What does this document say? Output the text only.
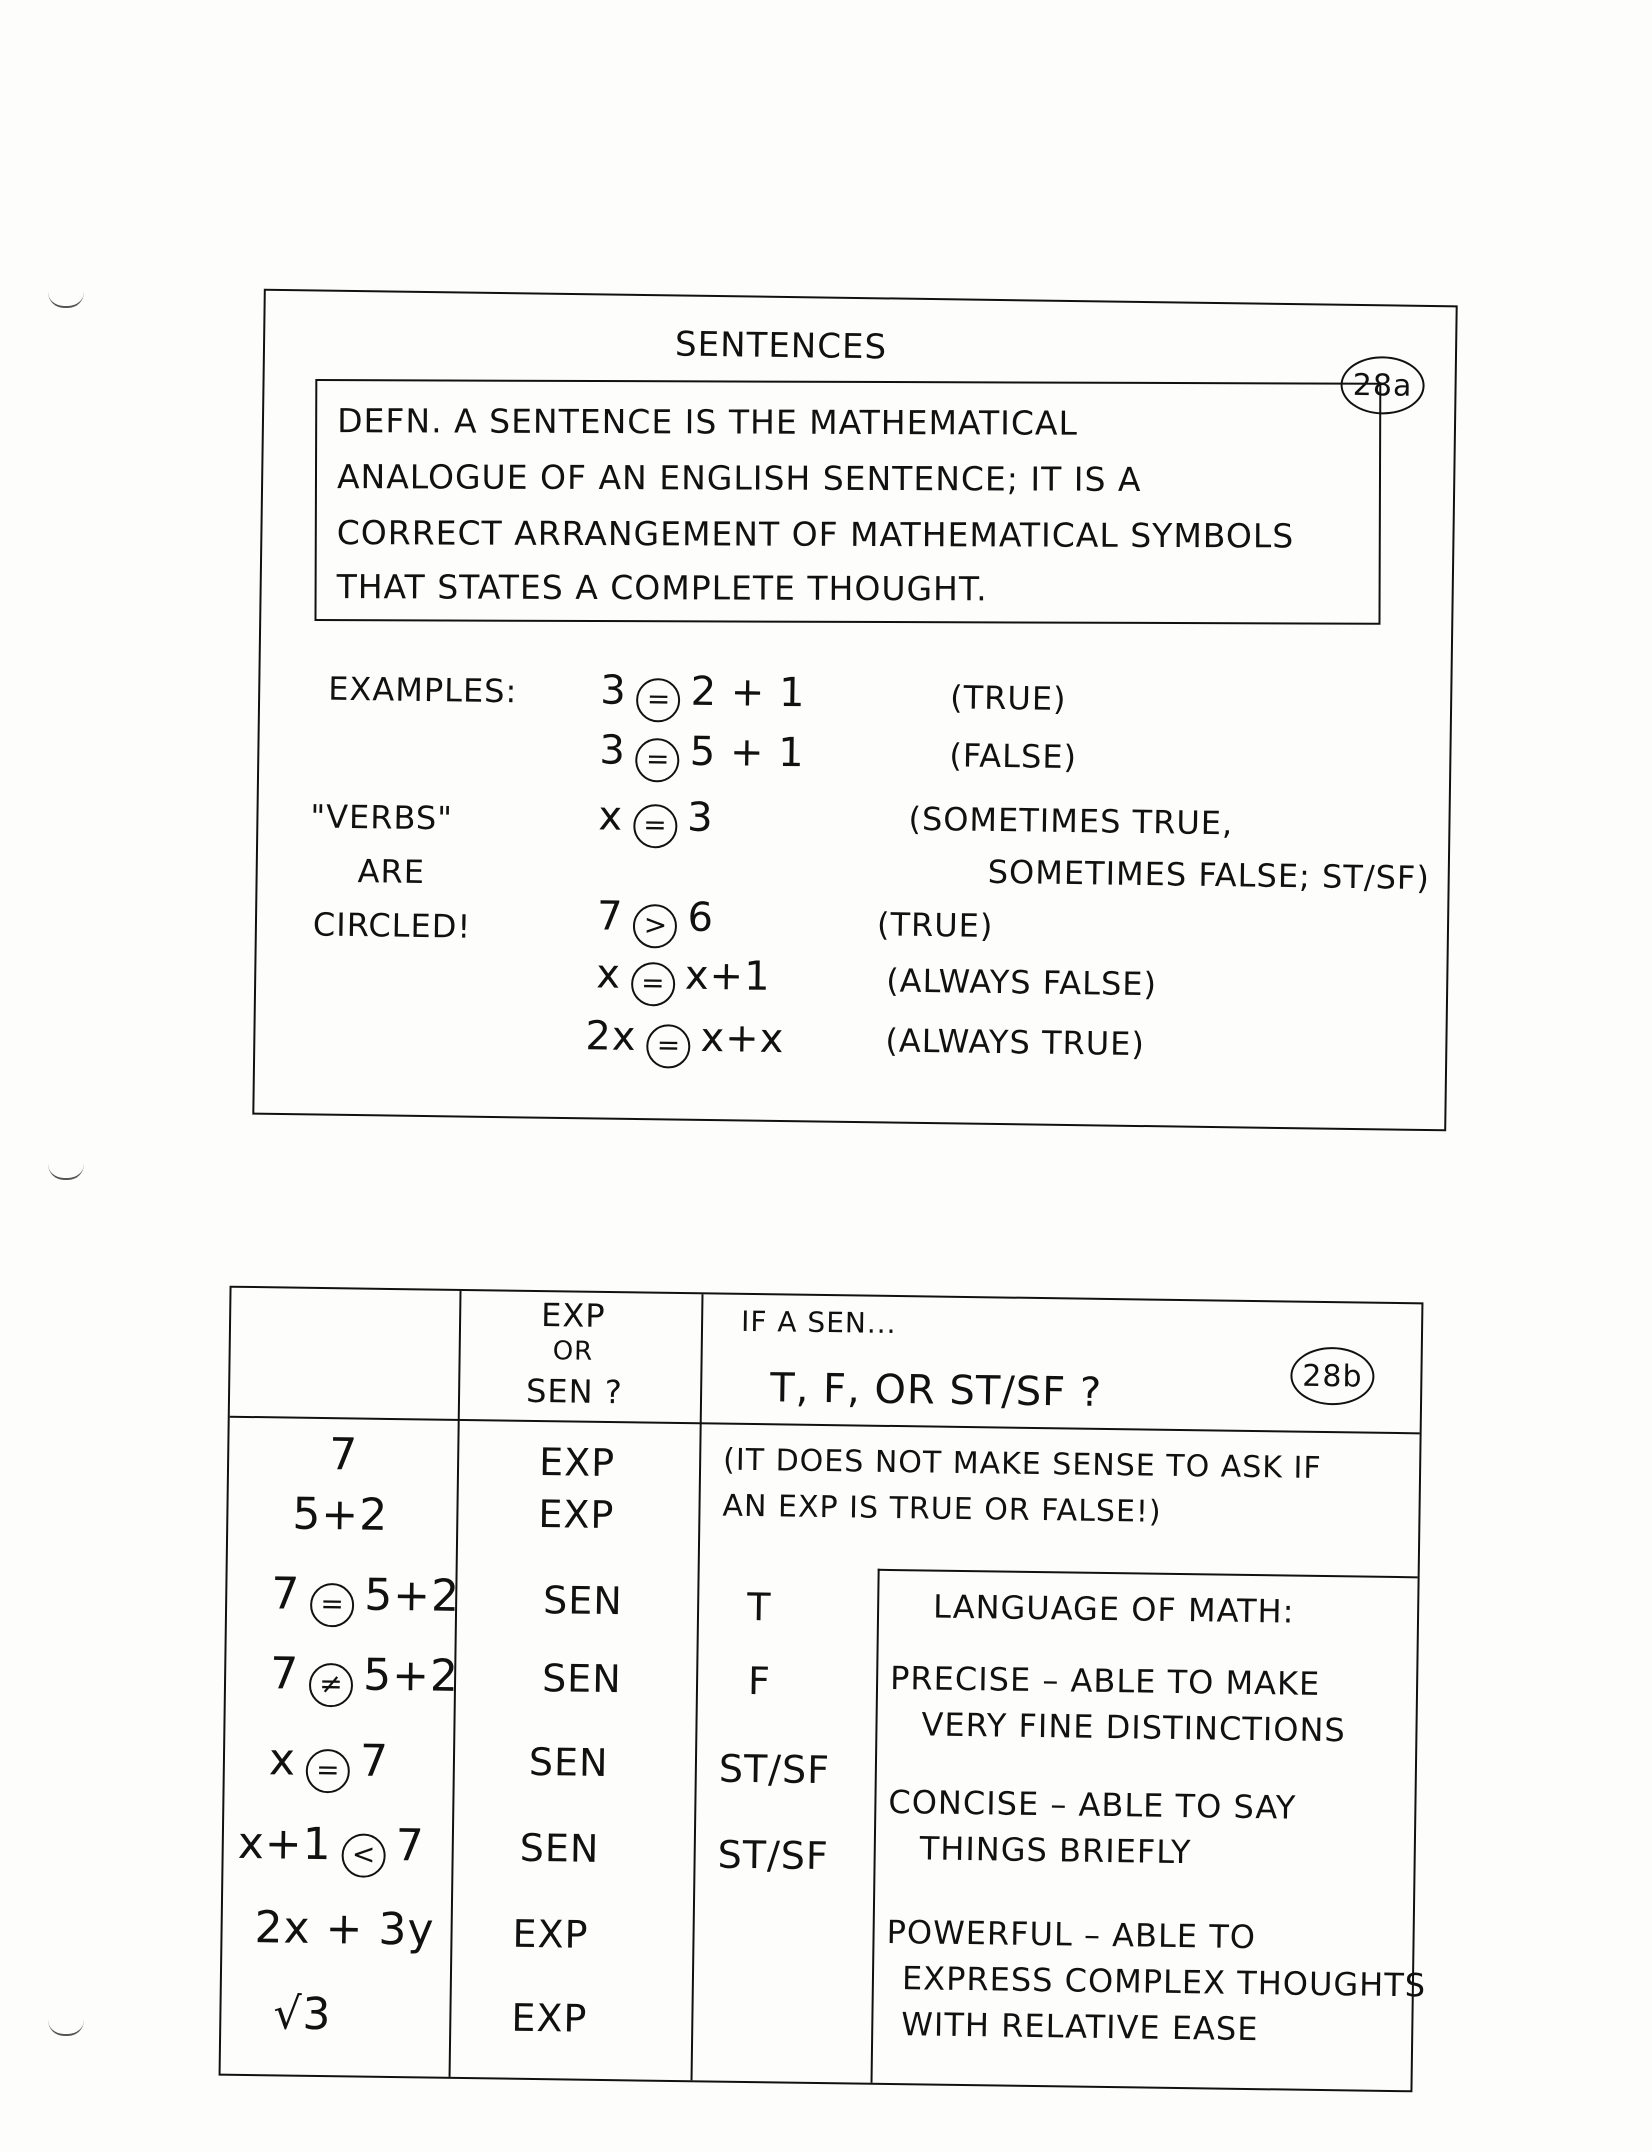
SENTENCES
28a
DEFN. A SENTENCE IS THE MATHEMATICAL
ANALOGUE OF AN ENGLISH SENTENCE; IT IS A
CORRECT ARRANGEMENT OF MATHEMATICAL SYMBOLS
THAT STATES A COMPLETE THOUGHT.
EXAMPLES:
"VERBS"
ARE
CIRCLED!
3 = 2 + 1	(TRUE)
3 = 5 + 1	(FALSE)
x = 3	(SOMETIMES TRUE,
SOMETIMES FALSE; ST/SF)
7 > 6	(TRUE)
x = x+1	(ALWAYS FALSE)
2x = x+x	(ALWAYS TRUE)
28b
EXP
OR
SEN ?
IF A SEN...
T, F, OR ST/SF ?
(IT DOES NOT MAKE SENSE TO ASK IF
AN EXP IS TRUE OR FALSE!)
7	EXP
5+2	EXP
7 = 5+2 SEN	T
7 ≠ 5+2 SEN	F
x = 7	SEN	ST/SF
x+1 < 7 SEN	ST/SF
2x + 3y EXP
√3	EXP
LANGUAGE OF MATH:
PRECISE – ABLE TO MAKE
VERY FINE DISTINCTIONS
CONCISE – ABLE TO SAY
THINGS BRIEFLY
POWERFUL – ABLE TO
EXPRESS COMPLEX THOUGHTS
WITH RELATIVE EASE
